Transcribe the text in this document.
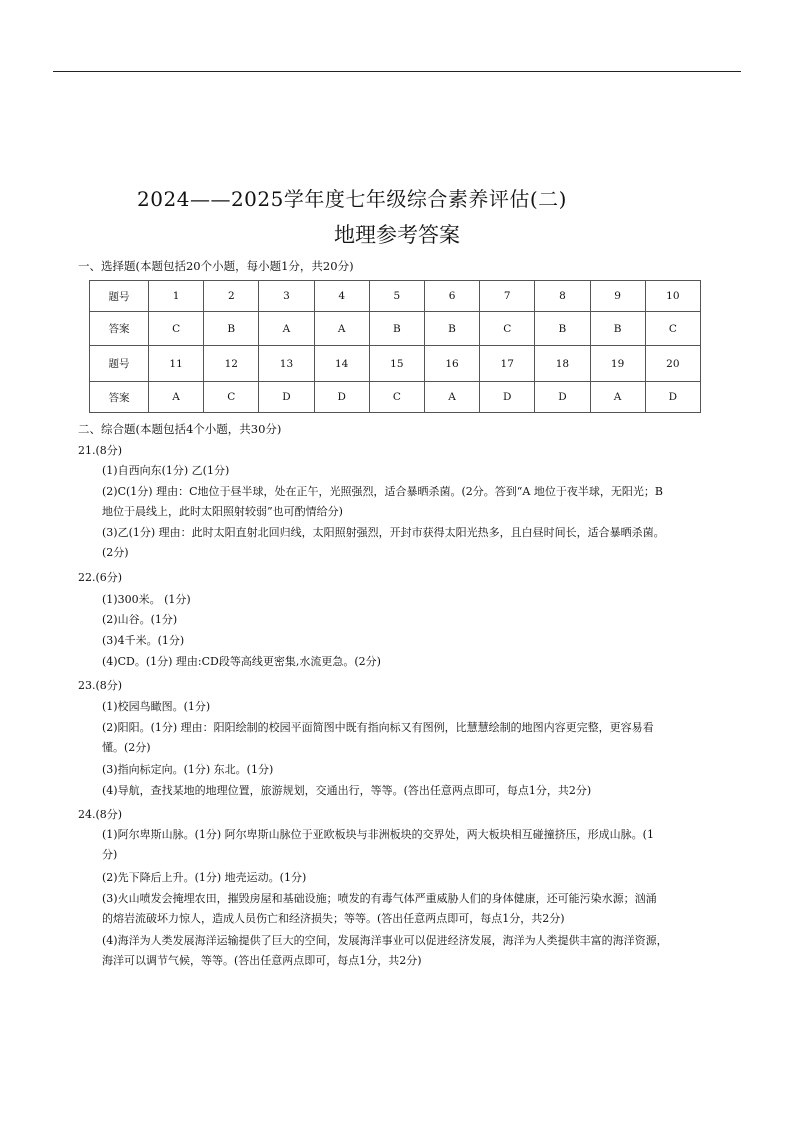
2024——2025学年度七年级综合素养评估(二)
地理参考答案
一、选择题(本题包括20个小题，每小题1分，共20分)
题号	1	2	3	4	5	6	7	8	9	10
答案	C	B	A	A	B	B	C	B	B	C
题号	11	12	13	14	15	16	17	18	19	20
答案	A	C	D	D	C	A	D	D	A	D
二、综合题(本题包括4个小题，共30分)
21.(8分)
(1)自西向东(1分) 乙(1分)
(2)C(1分) 理由：C地位于昼半球，处在正午，光照强烈，适合暴晒杀菌。(2分。答到“A 地位于夜半球，无阳光；B
地位于晨线上，此时太阳照射较弱”也可酌情给分)
(3)乙(1分) 理由：此时太阳直射北回归线，太阳照射强烈，开封市获得太阳光热多，且白昼时间长，适合暴晒杀菌。
(2分)
22.(6分)
(1)300米。 (1分)
(2)山谷。(1分)
(3)4千米。(1分)
(4)CD。(1分) 理由:CD段等高线更密集,水流更急。(2分)
23.(8分)
(1)校园鸟瞰图。(1分)
(2)阳阳。(1分) 理由：阳阳绘制的校园平面简图中既有指向标又有图例，比慧慧绘制的地图内容更完整，更容易看
懂。(2分)
(3)指向标定向。(1分) 东北。(1分)
(4)导航，查找某地的地理位置，旅游规划，交通出行，等等。(答出任意两点即可，每点1分，共2分)
24.(8分)
(1)阿尔卑斯山脉。(1分) 阿尔卑斯山脉位于亚欧板块与非洲板块的交界处，两大板块相互碰撞挤压，形成山脉。(1
分)
(2)先下降后上升。(1分) 地壳运动。(1分)
(3)火山喷发会掩埋农田，摧毁房屋和基础设施；喷发的有毒气体严重威胁人们的身体健康，还可能污染水源；汹涌
的熔岩流破坏力惊人，造成人员伤亡和经济损失；等等。(答出任意两点即可，每点1分，共2分)
(4)海洋为人类发展海洋运输提供了巨大的空间，发展海洋事业可以促进经济发展，海洋为人类提供丰富的海洋资源，
海洋可以调节气候，等等。(答出任意两点即可，每点1分，共2分)
